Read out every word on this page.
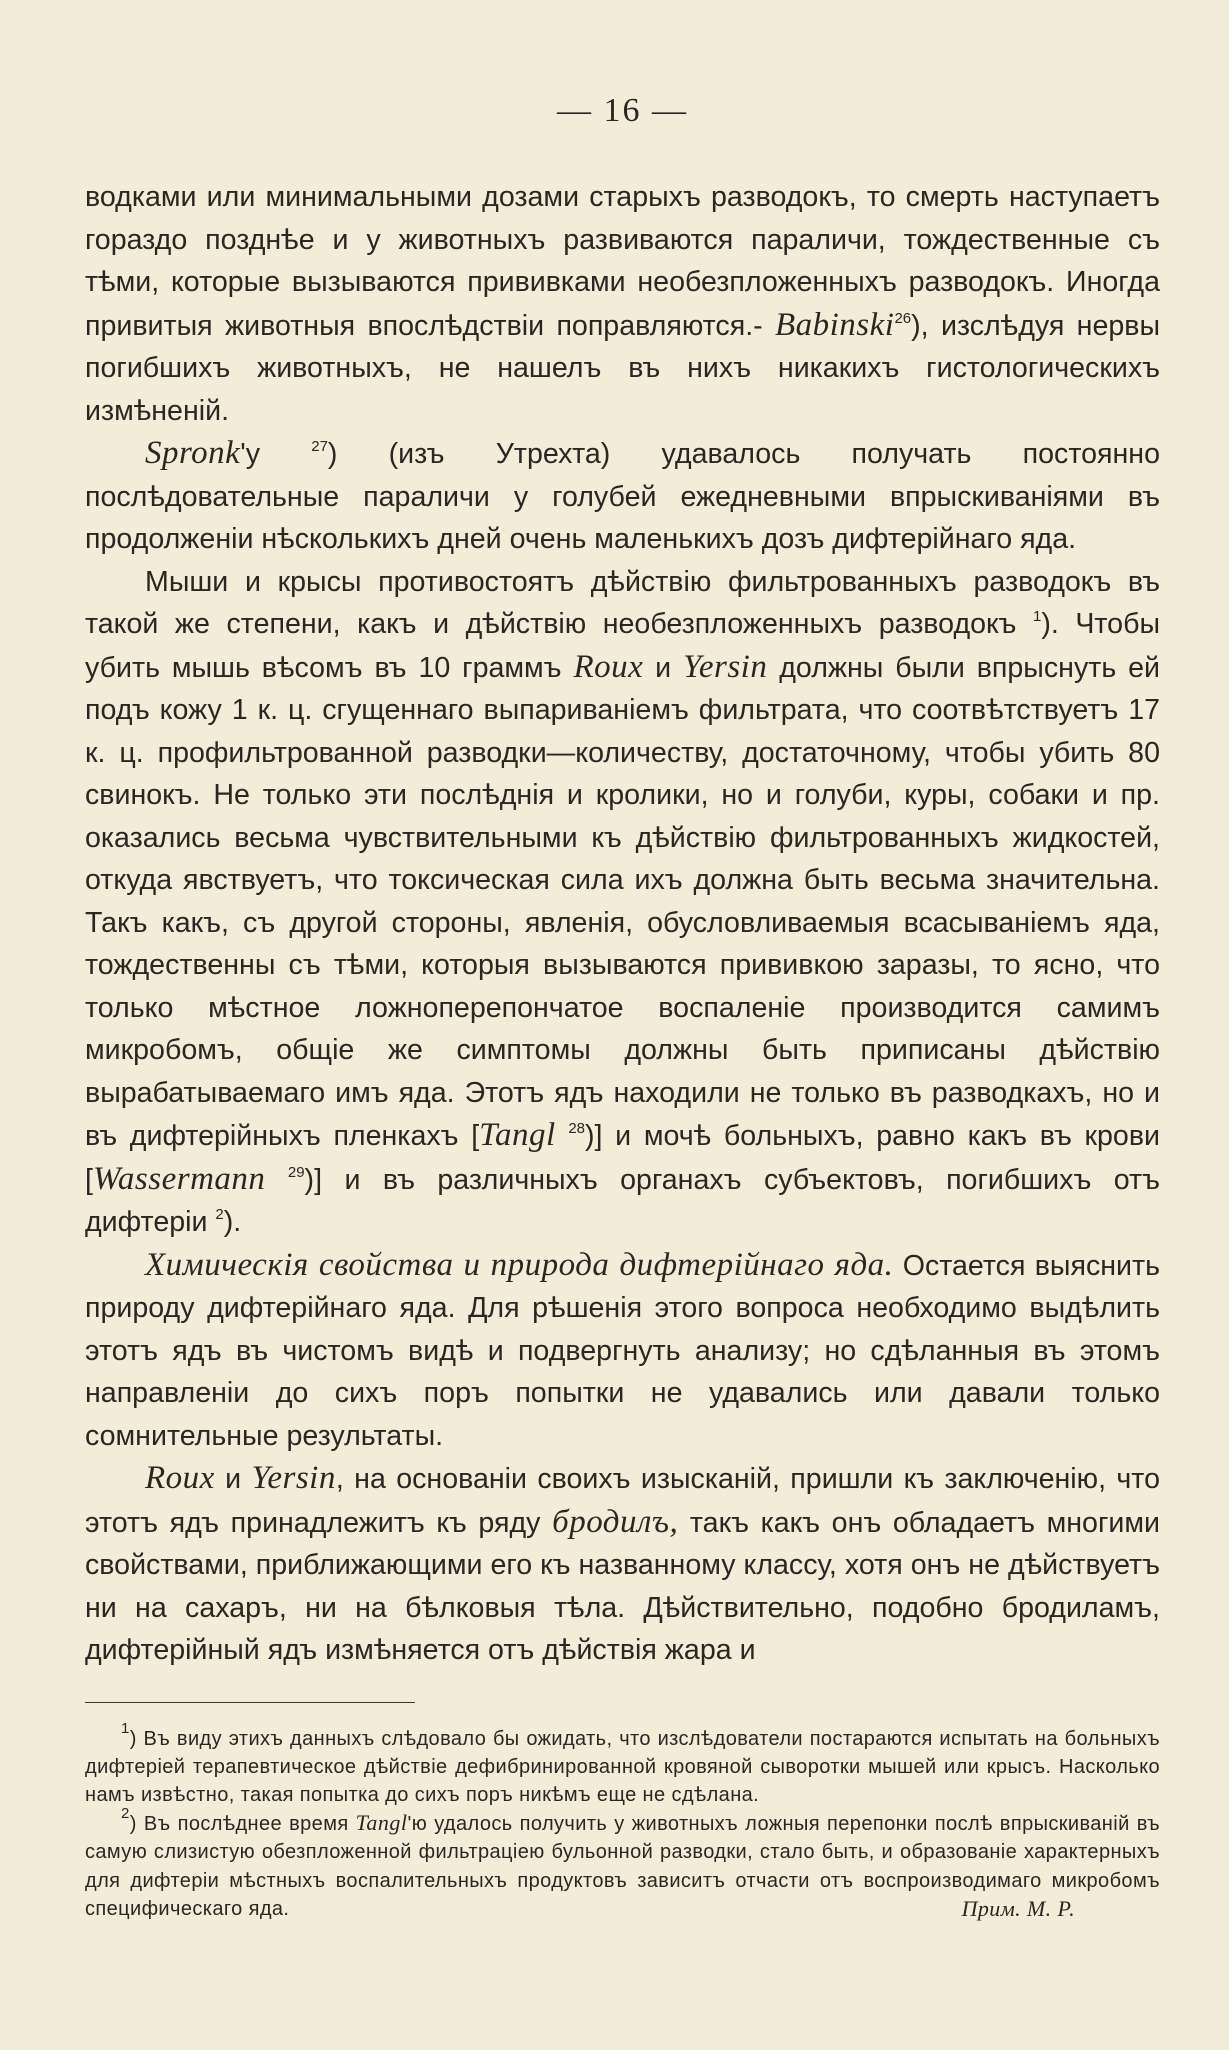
— 16 —

водками или минимальными дозами старыхъ разводокъ, то смерть наступаетъ гораздо позднѣе и у животныхъ развиваются параличи, тождественные съ тѣми, которые вызываются прививками необезпложенныхъ разводокъ. Иногда привитыя животныя впослѣдствiи поправляются.- Babinski$^{26}$), изслѣдуя нервы погибшихъ животныхъ, не нашелъ въ нихъ никакихъ гистологическихъ измѣненiй.

Spronk'у $^{27}$) (изъ Утрехта) удавалось получать постоянно послѣдовательные параличи у голубей ежедневными впрыскиванiями въ продолженiи нѣсколькихъ дней очень маленькихъ дозъ дифтерiйнаго яда.

Мыши и крысы противостоятъ дѣйствiю фильтрованныхъ разводокъ въ такой же степени, какъ и дѣйствiю необезпложенныхъ разводокъ $^1$). Чтобы убить мышь вѣсомъ въ 10 граммъ Roux и Yersin должны были впрыснуть ей подъ кожу 1 к. ц. сгущеннаго выпариванiемъ фильтрата, что соотвѣтствуетъ 17 к. ц. профильтрованной разводки—количеству, достаточному, чтобы убить 80 свинокъ. Не только эти послѣднiя и кролики, но и голуби, куры, собаки и пр. оказались весьма чувствительными къ дѣйствiю фильтрованныхъ жидкостей, откуда явствуетъ, что токсическая сила ихъ должна быть весьма значительна. Такъ какъ, съ другой стороны, явленiя, обусловливаемыя всасыванiемъ яда, тождественны съ тѣми, которыя вызываются прививкою заразы, то ясно, что только мѣстное ложноперепончатое воспаленiе производится самимъ микробомъ, общiе же симптомы должны быть приписаны дѣйствiю вырабатываемаго имъ яда. Этотъ ядъ находили не только въ разводкахъ, но и въ дифтерiйныхъ пленкахъ [Tangl $^{28}$)] и мочѣ больныхъ, равно какъ въ крови [Wassermann $^{29}$)] и въ различныхъ органахъ субъектовъ, погибшихъ отъ дифтерiи $^2$).

Химическiя свойства и природа дифтерiйнаго яда. Остается выяснить природу дифтерiйнаго яда. Для рѣшенiя этого вопроса необходимо выдѣлить этотъ ядъ въ чистомъ видѣ и подвергнуть анализу; но сдѣланныя въ этомъ направленiи до сихъ поръ попытки не удавались или давали только сомнительные результаты.

Roux и Yersin, на основанiи своихъ изысканiй, пришли къ заключенiю, что этотъ ядъ принадлежитъ къ ряду бродилъ, такъ какъ онъ обладаетъ многими свойствами, приближающими его къ названному классу, хотя онъ не дѣйствуетъ ни на сахаръ, ни на бѣлковыя тѣла. Дѣйствительно, подобно бродиламъ, дифтерiйный ядъ измѣняется отъ дѣйствiя жара и

$^1$) Въ виду этихъ данныхъ слѣдовало бы ожидать, что изслѣдователи постараются испытать на больныхъ дифтерiей терапевтическое дѣйствiе дефибринированной кровяной сыворотки мышей или крысъ. Насколько намъ извѣстно, такая попытка до сихъ поръ никѣмъ еще не сдѣлана.

$^2$) Въ послѣднее время Tangl'ю удалось получить у животныхъ ложныя перепонки послѣ впрыскиванiй въ самую слизистую обезпложенной фильтрацiею бульонной разводки, стало быть, и образованiе характерныхъ для дифтерiи мѣстныхъ воспалительныхъ продуктовъ зависитъ отчасти отъ воспроизводимаго микробомъ специфическаго яда.	Прим. М. Р.
